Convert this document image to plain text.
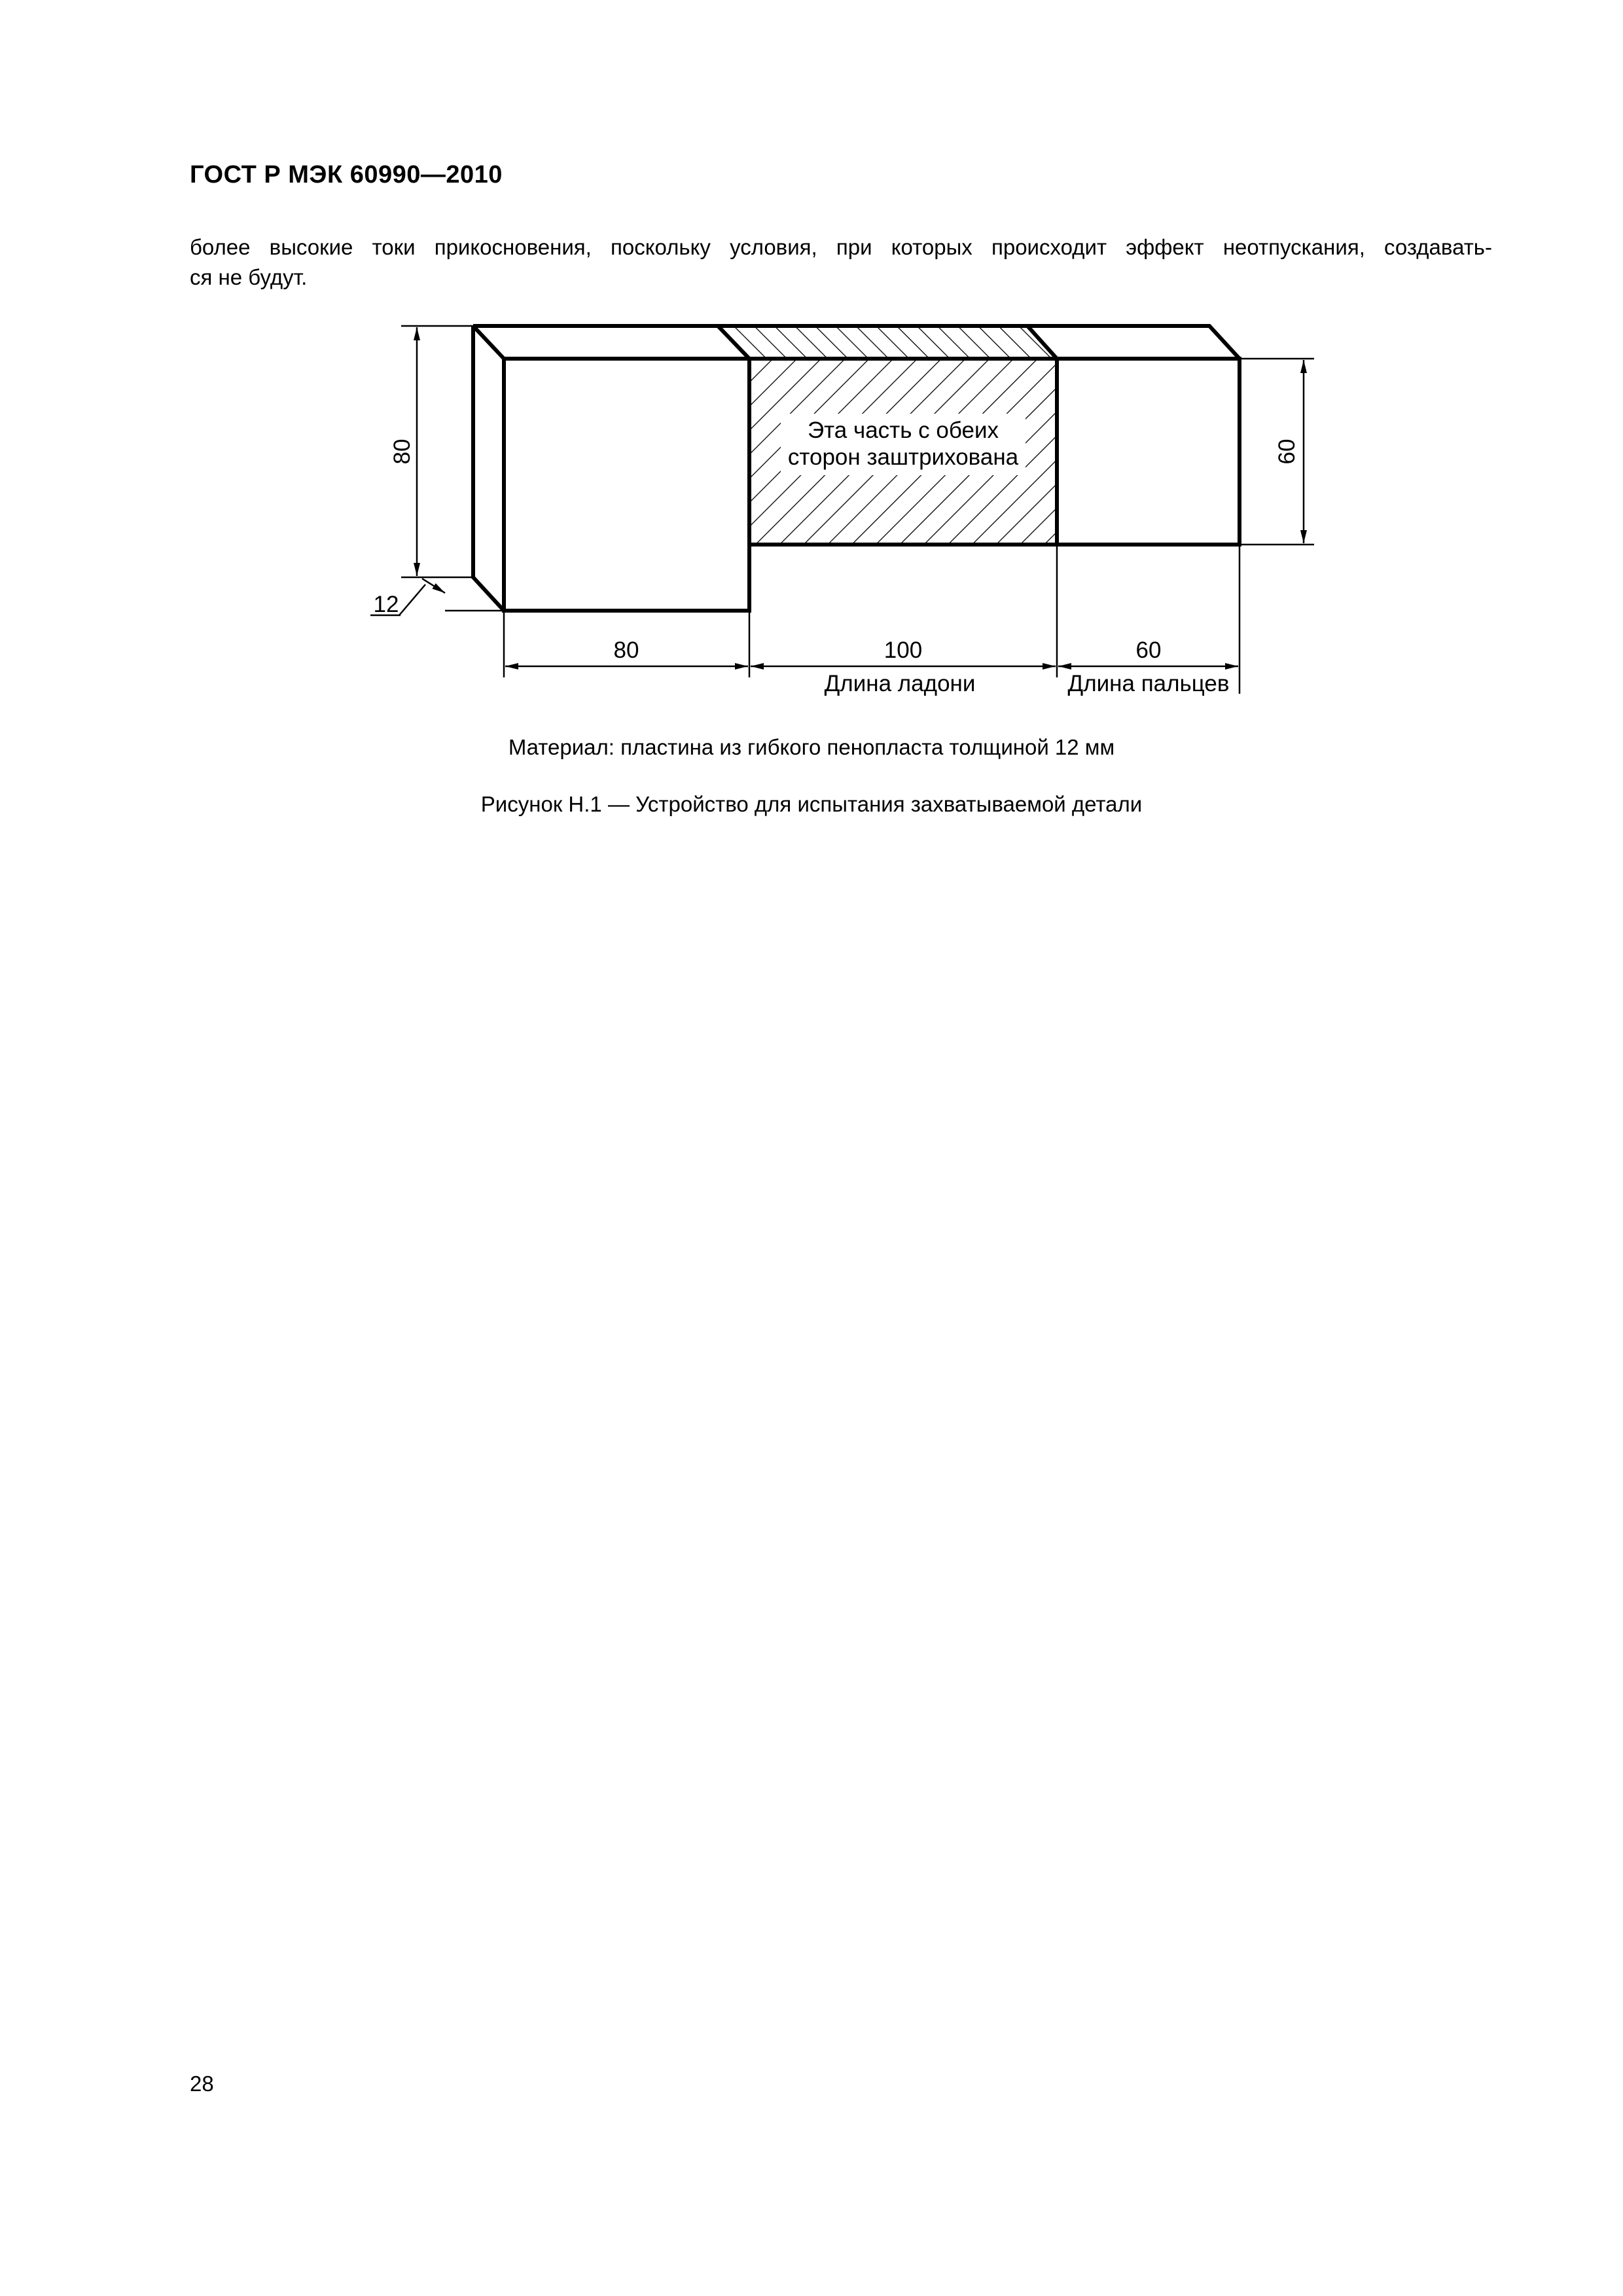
ГОСТ Р МЭК 60990—2010
более высокие токи прикосновения, поскольку условия, при которых происходит эффект неотпускания, создавать-
ся не будут.
Эта часть с обеих
сторон заштрихована
80	60
12
80	100	60
Длина ладони	Длина пальцев
Материал: пластина из гибкого пенопласта толщиной 12 мм
Рисунок Н.1 — Устройство для испытания захватываемой детали
28
